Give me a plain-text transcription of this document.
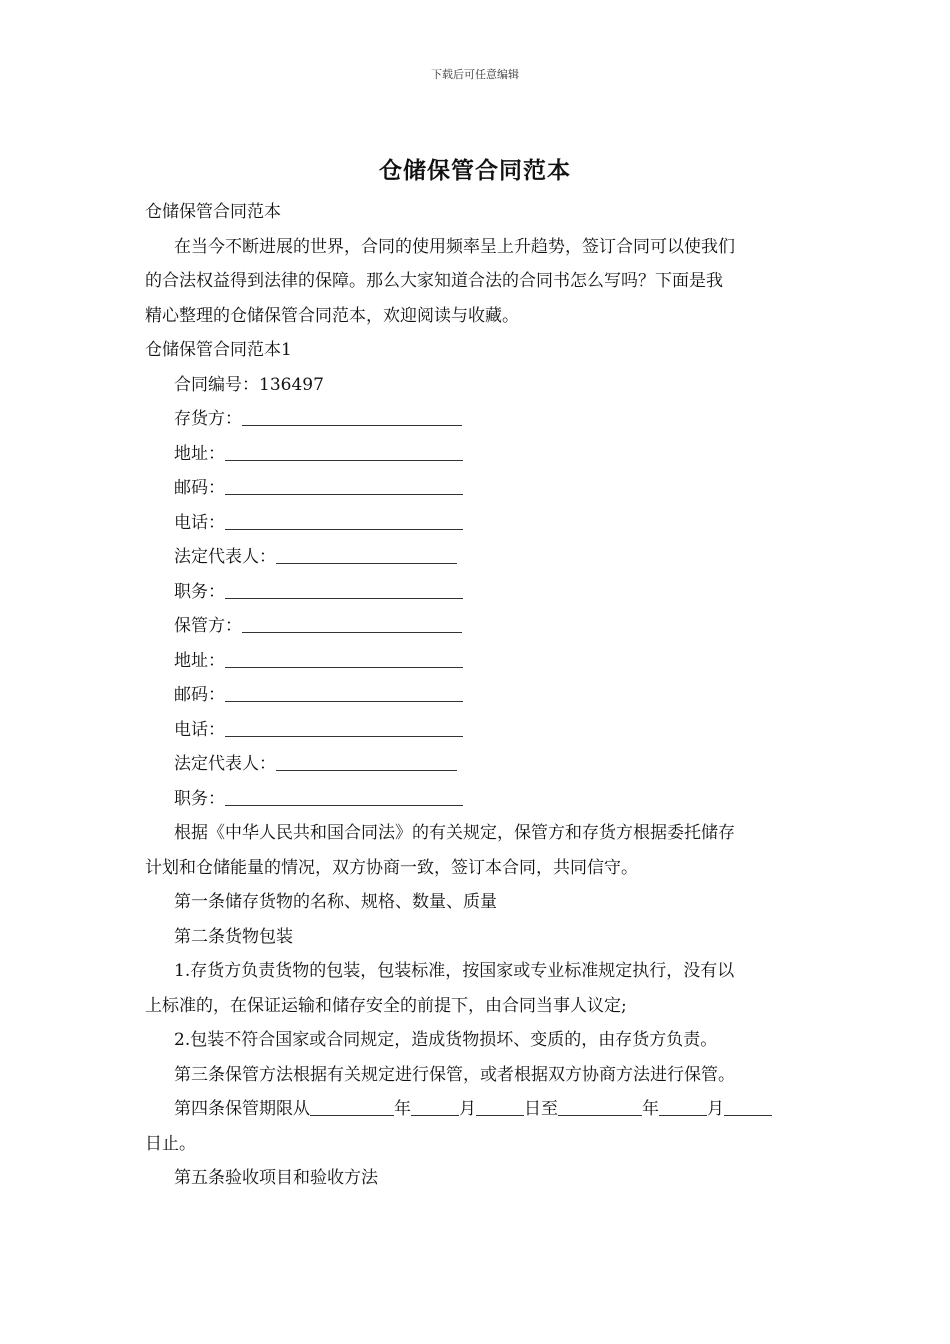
下载后可任意编辑
仓储保管合同范本
仓储保管合同范本
在当今不断进展的世界，合同的使用频率呈上升趋势，签订合同可以使我们
的合法权益得到法律的保障。那么大家知道合法的合同书怎么写吗？下面是我
精心整理的仓储保管合同范本，欢迎阅读与收藏。
仓储保管合同范本1
合同编号：136497
存货方：
地址：
邮码：
电话：
法定代表人：
职务：
保管方：
地址：
邮码：
电话：
法定代表人：
职务：
根据《中华人民共和国合同法》的有关规定，保管方和存货方根据委托储存
计划和仓储能量的情况，双方协商一致，签订本合同，共同信守。
第一条储存货物的名称、规格、数量、质量
第二条货物包装
1.存货方负责货物的包装，包装标准，按国家或专业标准规定执行，没有以
上标准的，在保证运输和储存安全的前提下，由合同当事人议定;
2.包装不符合国家或合同规定，造成货物损坏、变质的，由存货方负责。
第三条保管方法根据有关规定进行保管，或者根据双方协商方法进行保管。
第四条保管期限从	年	月	日至	年	月
日止。
第五条验收项目和验收方法
